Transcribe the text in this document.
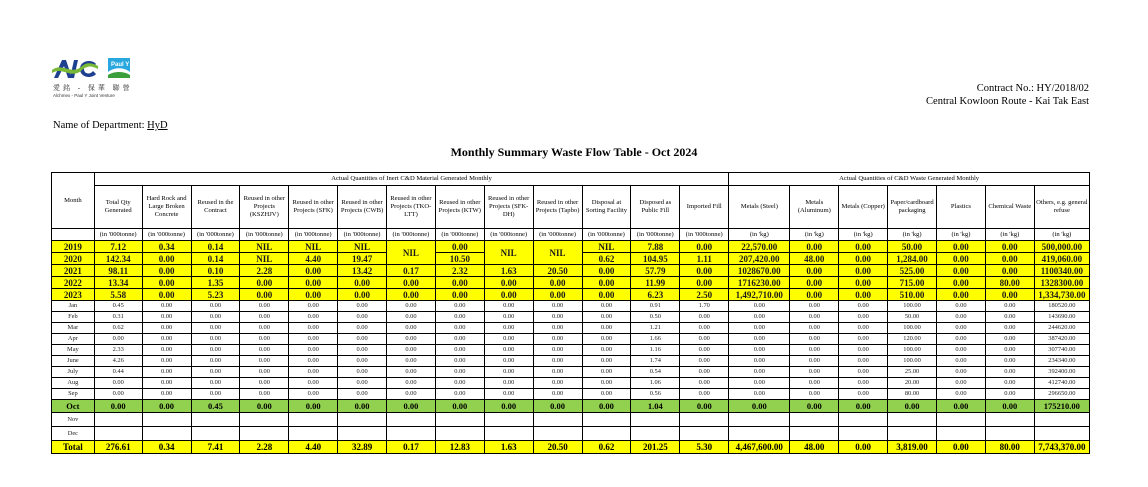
Paul Y
愛銘 - 保華 聯營
Alchmex - Paul Y Joint Venture
Contract No.: HY/2018/02
Central Kowloon Route - Kai Tak East
Name of Department: HyD
Monthly Summary Waste Flow Table - Oct 2024
Month	Actual Quantities of Inert C&D Material Generated Monthly													Actual Quantities of C&D Waste Generated Monthly						
	Total Qty Generated	Hard Rock and Large Broken Concrete	Reused in the Contract	Reused in other Projects (KSZHJV)	Reused in other Projects (SFK)	Reused in other Projects (CWB)	Reused in other Projects (TKO-LTT)	Reused in other Projects (KTW)	Reused in other Projects (SFK-DH)	Reused in other Projects (Tapbo)	Disposal at Sorting Facility	Disposed as Public Fill	Imported Fill	Metals (Steel)	Metals (Aluminum)	Metals (Copper)	Paper/cardboard packaging	Plastics	Chemical Waste	Others, e.g. general refuse
	(in '000tonne)	(in '000tonne)	(in '000tonne)	(in '000tonne)	(in '000tonne)	(in '000tonne)	(in '000tonne)	(in '000tonne)	(in '000tonne)	(in '000tonne)	(in '000tonne)	(in '000tonne)	(in '000tonne)	(in 'kg)	(in 'kg)	(in 'kg)	(in 'kg)	(in 'kg)	(in 'kg)	(in 'kg)
2019	7.12	0.34	0.14	NIL	NIL	NIL	NIL	0.00	NIL	NIL	NIL	7.88	0.00	22,570.00	0.00	0.00	50.00	0.00	0.00	500,000.00
2020	142.34	0.00	0.14	NIL	4.40	19.47		10.50			0.62	104.95	1.11	207,420.00	48.00	0.00	1,284.00	0.00	0.00	419,060.00
2021	98.11	0.00	0.10	2.28	0.00	13.42	0.17	2.32	1.63	20.50	0.00	57.79	0.00	1028670.00	0.00	0.00	525.00	0.00	0.00	1100340.00
2022	13.34	0.00	1.35	0.00	0.00	0.00	0.00	0.00	0.00	0.00	0.00	11.99	0.00	1716230.00	0.00	0.00	715.00	0.00	80.00	1328300.00
2023	5.58	0.00	5.23	0.00	0.00	0.00	0.00	0.00	0.00	0.00	0.00	6.23	2.50	1,492,710.00	0.00	0.00	510.00	0.00	0.00	1,334,730.00
Jan	0.45	0.00	0.00	0.00	0.00	0.00	0.00	0.00	0.00	0.00	0.00	0.91	1.70	0.00	0.00	0.00	100.00	0.00	0.00	180520.00
Feb	0.31	0.00	0.00	0.00	0.00	0.00	0.00	0.00	0.00	0.00	0.00	0.50	0.00	0.00	0.00	0.00	50.00	0.00	0.00	143690.00
Mar	0.62	0.00	0.00	0.00	0.00	0.00	0.00	0.00	0.00	0.00	0.00	1.21	0.00	0.00	0.00	0.00	100.00	0.00	0.00	244620.00
Apr	0.00	0.00	0.00	0.00	0.00	0.00	0.00	0.00	0.00	0.00	0.00	1.66	0.00	0.00	0.00	0.00	120.00	0.00	0.00	387420.00
May	2.33	0.00	0.00	0.00	0.00	0.00	0.00	0.00	0.00	0.00	0.00	1.16	0.00	0.00	0.00	0.00	100.00	0.00	0.00	307740.00
June	4.26	0.00	0.00	0.00	0.00	0.00	0.00	0.00	0.00	0.00	0.00	1.74	0.00	0.00	0.00	0.00	100.00	0.00	0.00	234340.00
July	0.44	0.00	0.00	0.00	0.00	0.00	0.00	0.00	0.00	0.00	0.00	0.54	0.00	0.00	0.00	0.00	25.00	0.00	0.00	392400.00
Aug	0.00	0.00	0.00	0.00	0.00	0.00	0.00	0.00	0.00	0.00	0.00	1.06	0.00	0.00	0.00	0.00	20.00	0.00	0.00	412740.00
Sep	0.00	0.00	0.00	0.00	0.00	0.00	0.00	0.00	0.00	0.00	0.00	0.56	0.00	0.00	0.00	0.00	80.00	0.00	0.00	296650.00
Oct	0.00	0.00	0.45	0.00	0.00	0.00	0.00	0.00	0.00	0.00	0.00	1.04	0.00	0.00	0.00	0.00	0.00	0.00	0.00	175210.00
Nov																				
Dec																				
Total	276.61	0.34	7.41	2.28	4.40	32.89	0.17	12.83	1.63	20.50	0.62	201.25	5.30	4,467,600.00	48.00	0.00	3,819.00	0.00	80.00	7,743,370.00
